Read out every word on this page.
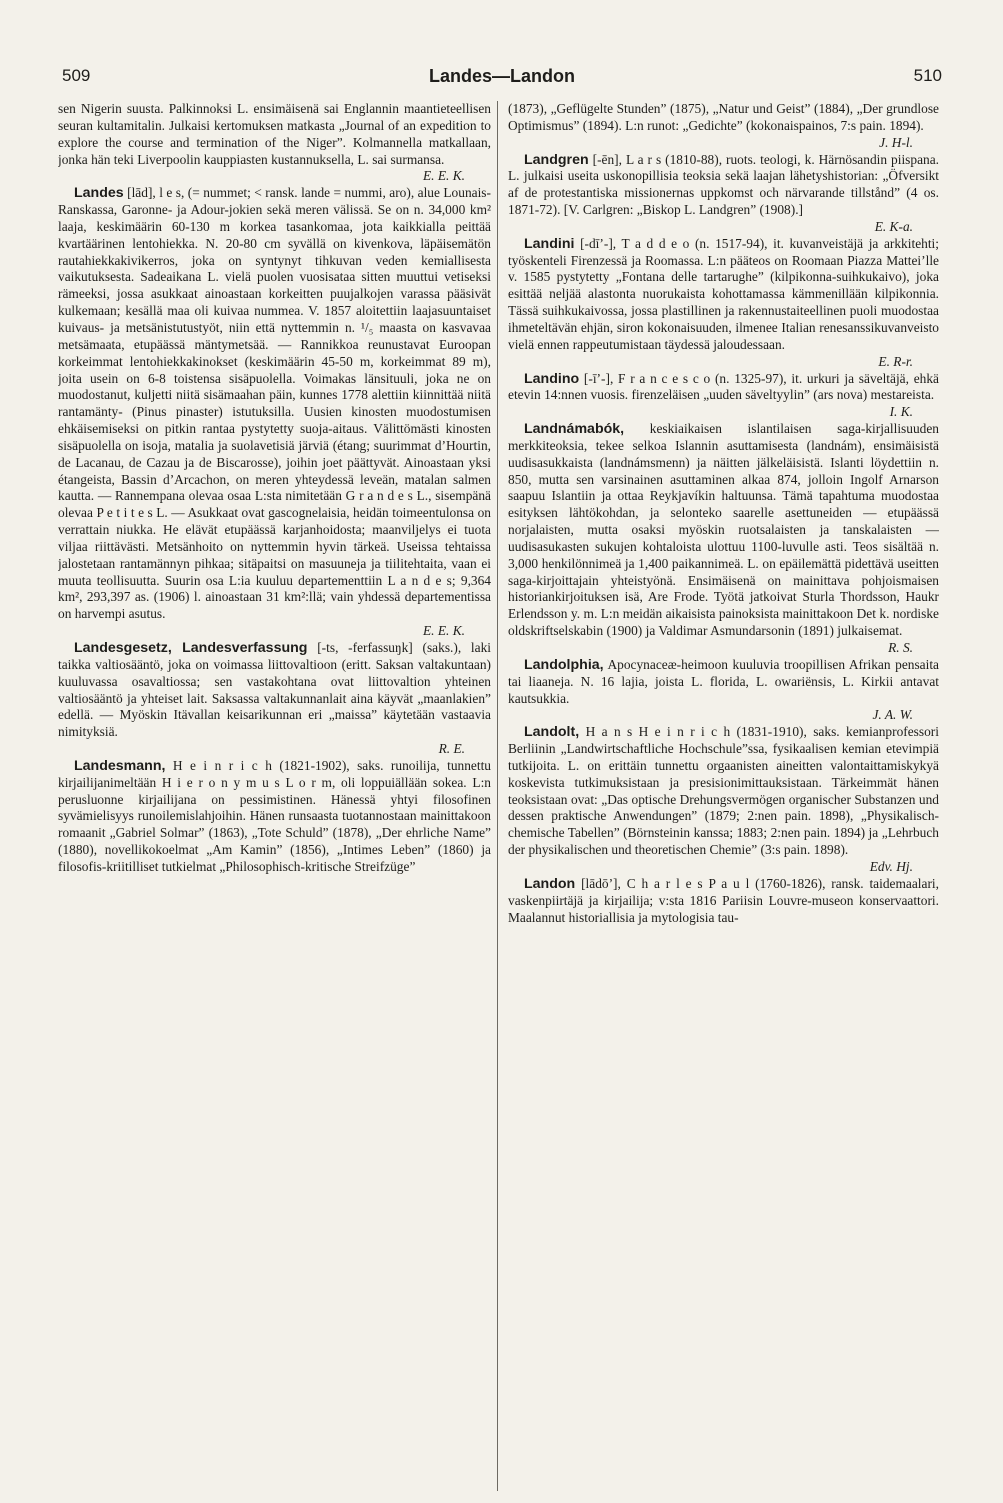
509	Landes—Landon	510

sen Nigerin suusta. Palkinnoksi L. ensimäisenä sai Englannin maantieteellisen seuran kultamitalin. Julkaisi kertomuksen matkasta „Journal of an expedition to explore the course and termination of the Niger”. Kolmannella matkallaan, jonka hän teki Liverpoolin kauppiasten kustannuksella, L. sai surmansa.
E. E. K.

Landes [lād], l e s, (= nummet; < ransk. lande = nummi, aro), alue Lounais-Ranskassa, Garonne- ja Adour-jokien sekä meren välissä. Se on n. 34,000 km² laaja, keskimäärin 60-130 m korkea tasankomaa, jota kaikkialla peittää kvartäärinen lentohiekka. N. 20-80 cm syvällä on kivenkova, läpäisemätön rautahiekkakivikerros, joka on syntynyt tihkuvan veden kemiallisesta vaikutuksesta. Sadeaikana L. vielä puolen vuosisataa sitten muuttui vetiseksi rämeeksi, jossa asukkaat ainoastaan korkeitten puujalkojen varassa pääsivät kulkemaan; kesällä maa oli kuivaa nummea. V. 1857 aloitettiin laajasuuntaiset kuivaus- ja metsänistutustyöt, niin että nyttemmin n. ¹/₅ maasta on kasvavaa metsämaata, etupäässä mäntymetsää. — Rannikkoa reunustavat Euroopan korkeimmat lentohiekkakinokset (keskimäärin 45-50 m, korkeimmat 89 m), joita usein on 6-8 toistensa sisäpuolella. Voimakas länsituuli, joka ne on muodostanut, kuljetti niitä sisämaahan päin, kunnes 1778 alettiin kiinnittää niitä rantamänty- (Pinus pinaster) istutuksilla. Uusien kinosten muodostumisen ehkäisemiseksi on pitkin rantaa pystytetty suoja-aitaus. Välittömästi kinosten sisäpuolella on isoja, matalia ja suolavetisiä järviä (étang; suurimmat d’Hourtin, de Lacanau, de Cazau ja de Biscarosse), joihin joet päättyvät. Ainoastaan yksi étangeista, Bassin d’Arcachon, on meren yhteydessä leveän, matalan salmen kautta. — Rannempana olevaa osaa L:sta nimitetään G r a n d e s L., sisempänä olevaa P e t i t e s L. — Asukkaat ovat gascognelaisia, heidän toimeentulonsa on verrattain niukka. He elävät etupäässä karjanhoidosta; maanviljelys ei tuota viljaa riittävästi. Metsänhoito on nyttemmin hyvin tärkeä. Useissa tehtaissa jalostetaan rantamännyn pihkaa; sitäpaitsi on masuuneja ja tiilitehtaita, vaan ei muuta teollisuutta. Suurin osa L:ia kuuluu departementtiin L a n d e s; 9,364 km², 293,397 as. (1906) l. ainoastaan 31 km²:llä; vain yhdessä departementissa on harvempi asutus.
E. E. K.

Landesgesetz, Landesverfassung [-ts, -ferfassuŋk] (saks.), laki taikka valtiosääntö, joka on voimassa liittovaltioon (eritt. Saksan valtakuntaan) kuuluvassa osavaltiossa; sen vastakohtana ovat liittovaltion yhteinen valtiosääntö ja yhteiset lait. Saksassa valtakunnanlait aina käyvät „maanlakien” edellä. — Myöskin Itävallan keisarikunnan eri „maissa” käytetään vastaavia nimityksiä.
R. E.

Landesmann, H e i n r i c h (1821-1902), saks. runoilija, tunnettu kirjailijanimeltään H i e r o n y m u s L o r m, oli loppuiällään sokea. L:n perusluonne kirjailijana on pessimistinen. Hänessä yhtyi filosofinen syvämielisyys runoilemislahjoihin. Hänen runsaasta tuotannostaan mainittakoon romaanit „Gabriel Solmar” (1863), „Tote Schuld” (1878), „Der ehrliche Name” (1880), novellikokoelmat „Am Kamin” (1856), „Intimes Leben” (1860) ja filosofis-kriitilliset tutkielmat „Philosophisch-kritische Streifzüge”

(1873), „Geflügelte Stunden” (1875), „Natur und Geist” (1884), „Der grundlose Optimismus” (1894). L:n runot: „Gedichte” (kokonaispainos, 7:s pain. 1894).
J. H-l.

Landgren [-ēn], L a r s (1810-88), ruots. teologi, k. Härnösandin piispana. L. julkaisi useita uskonopillisia teoksia sekä laajan lähetyshistorian: „Öfversikt af de protestantiska missionernas uppkomst och närvarande tillstånd” (4 os. 1871-72). [V. Carlgren: „Biskop L. Landgren” (1908).]
E. K-a.

Landini [-dī’-], T a d d e o (n. 1517-94), it. kuvanveistäjä ja arkkitehti; työskenteli Firenzessä ja Roomassa. L:n pääteos on Roomaan Piazza Mattei’lle v. 1585 pystytetty „Fontana delle tartarughe” (kilpikonna-suihkukaivo), joka esittää neljää alastonta nuorukaista kohottamassa kämmenillään kilpikonnia. Tässä suihkukaivossa, jossa plastillinen ja rakennustaiteellinen puoli muodostaa ihmeteltävän ehjän, siron kokonaisuuden, ilmenee Italian renesanssikuvanveisto vielä ennen rappeutumistaan täydessä jaloudessaan.
E. R-r.

Landino [-ī’-], F r a n c e s c o (n. 1325-97), it. urkuri ja säveltäjä, ehkä etevin 14:nnen vuosis. firenzeläisen „uuden säveltyylin” (ars nova) mestareista.
I. K.

Landnámabók, keskiaikaisen islantilaisen saga-kirjallisuuden merkkiteoksia, tekee selkoa Islannin asuttamisesta (landnám), ensimäisistä uudisasukkaista (landnámsmenn) ja näitten jälkeläisistä. Islanti löydettiin n. 850, mutta sen varsinainen asuttaminen alkaa 874, jolloin Ingolf Arnarson saapuu Islantiin ja ottaa Reykjavíkin haltuunsa. Tämä tapahtuma muodostaa esityksen lähtökohdan, ja selonteko saarelle asettuneiden — etupäässä norjalaisten, mutta osaksi myöskin ruotsalaisten ja tanskalaisten — uudisasukasten sukujen kohtaloista ulottuu 1100-luvulle asti. Teos sisältää n. 3,000 henkilönnimeä ja 1,400 paikannimeä. L. on epäilemättä pidettävä useitten saga-kirjoittajain yhteistyönä. Ensimäisenä on mainittava pohjoismaisen historiankirjoituksen isä, Are Frode. Työtä jatkoivat Sturla Thordsson, Haukr Erlendsson y. m. L:n meidän aikaisista painoksista mainittakoon Det k. nordiske oldskriftselskabin (1900) ja Valdimar Asmundarsonin (1891) julkaisemat.
R. S.

Landolphia, Apocynaceæ-heimoon kuuluvia troopillisen Afrikan pensaita tai liaaneja. N. 16 lajia, joista L. florida, L. owariënsis, L. Kirkii antavat kautsukkia.
J. A. W.

Landolt, H a n s H e i n r i c h (1831-1910), saks. kemianprofessori Berliinin „Landwirtschaftliche Hochschule”ssa, fysikaalisen kemian etevimpiä tutkijoita. L. on erittäin tunnettu orgaanisten aineitten valontaittamiskykyä koskevista tutkimuksistaan ja presisionimittauksistaan. Tärkeimmät hänen teoksistaan ovat: „Das optische Drehungsvermögen organischer Substanzen und dessen praktische Anwendungen” (1879; 2:nen pain. 1898), „Physikalisch-chemische Tabellen” (Börnsteinin kanssa; 1883; 2:nen pain. 1894) ja „Lehrbuch der physikalischen und theoretischen Chemie” (3:s pain. 1898).
Edv. Hj.

Landon [lādō’], C h a r l e s P a u l (1760-1826), ransk. taidemaalari, vaskenpiirtäjä ja kirjailija; v:sta 1816 Pariisin Louvre-museon konservaattori. Maalannut historiallisia ja mytologisia tau-
